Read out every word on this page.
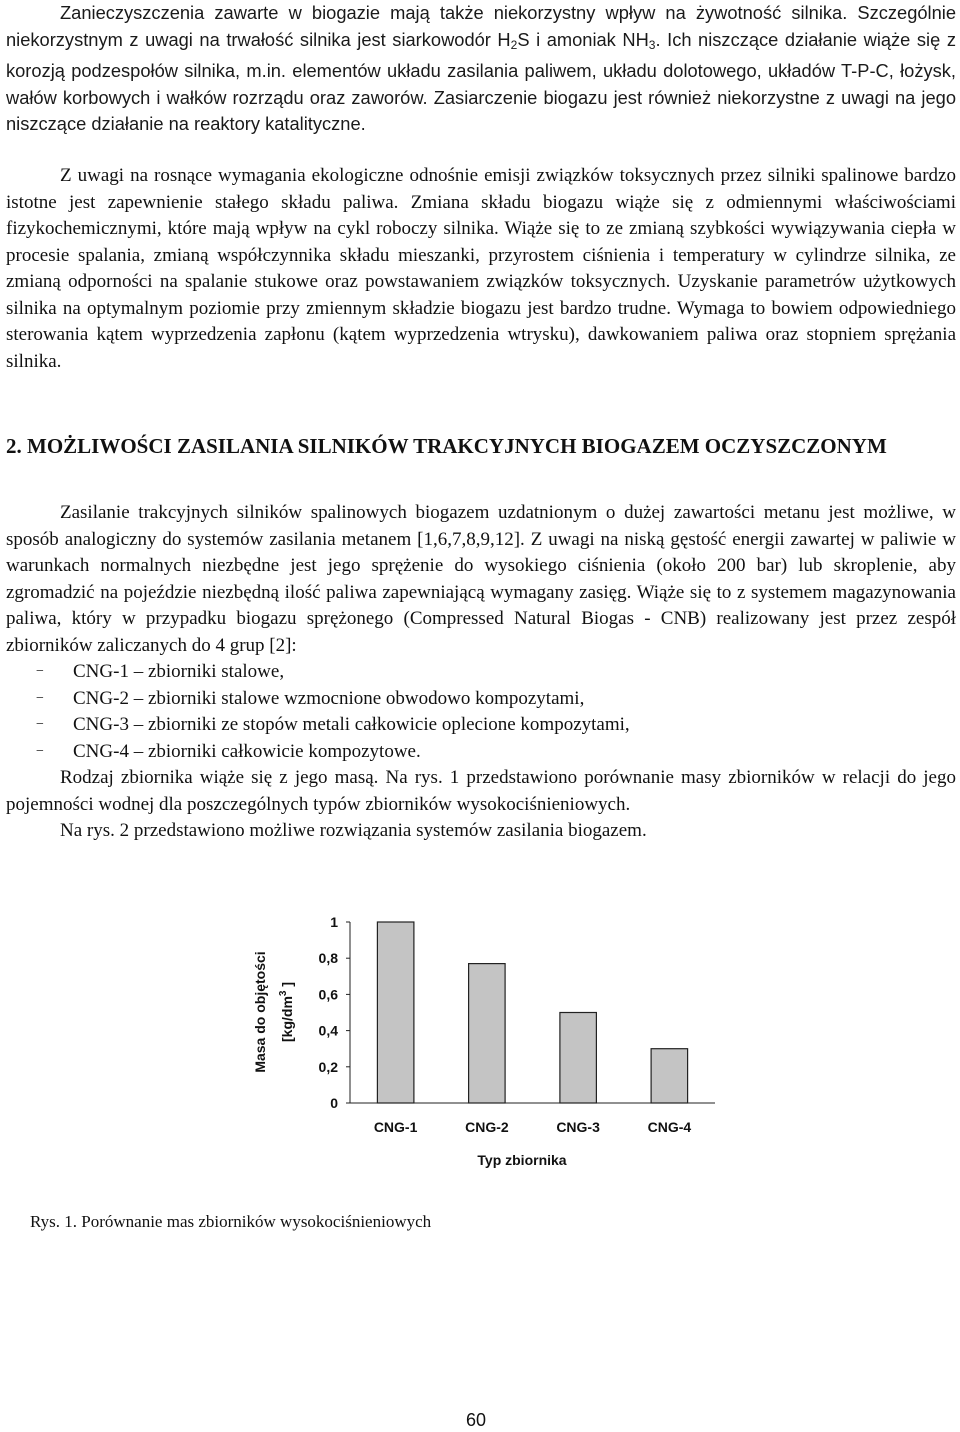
Zanieczyszczenia zawarte w biogazie mają także niekorzystny wpływ na żywotność silnika. Szczególnie niekorzystnym z uwagi na trwałość silnika jest siarkowodór $H_2S$ i amoniak $NH_3$. Ich niszczące działanie wiąże się z korozją podzespołów silnika, m.in. elementów układu zasilania paliwem, układu dolotowego, układów T-P-C, łożysk, wałów korbowych i wałków rozrządu oraz zaworów. Zasiarczenie biogazu jest również niekorzystne z uwagi na jego niszczące działanie na reaktory katalityczne.

Z uwagi na rosnące wymagania ekologiczne odnośnie emisji związków toksycznych przez silniki spalinowe bardzo istotne jest zapewnienie stałego składu paliwa. Zmiana składu biogazu wiąże się z odmiennymi właściwościami fizykochemicznymi, które mają wpływ na cykl roboczy silnika. Wiąże się to ze zmianą szybkości wywiązywania ciepła w procesie spalania, zmianą współczynnika składu mieszanki, przyrostem ciśnienia i temperatury w cylindrze silnika, ze zmianą odporności na spalanie stukowe oraz powstawaniem związków toksycznych. Uzyskanie parametrów użytkowych silnika na optymalnym poziomie przy zmiennym składzie biogazu jest bardzo trudne. Wymaga to bowiem odpowiedniego sterowania kątem wyprzedzenia zapłonu (kątem wyprzedzenia wtrysku), dawkowaniem paliwa oraz stopniem sprężania silnika.

2. MOŻLIWOŚCI ZASILANIA SILNIKÓW TRAKCYJNYCH BIOGAZEM OCZYSZCZONYM
Zasilanie trakcyjnych silników spalinowych biogazem uzdatnionym o dużej zawartości metanu jest możliwe, w sposób analogiczny do systemów zasilania metanem [1,6,7,8,9,12]. Z uwagi na niską gęstość energii zawartej w paliwie w warunkach normalnych niezbędne jest jego sprężenie do wysokiego ciśnienia (około 200 bar) lub skroplenie, aby zgromadzić na pojeździe niezbędną ilość paliwa zapewniającą wymagany zasięg. Wiąże się to z systemem magazynowania paliwa, który w przypadku biogazu sprężonego (Compressed Natural Biogas - CNB) realizowany jest przez zespół zbiorników zaliczanych do 4 grup [2]:
− CNG-1 – zbiorniki stalowe,
− CNG-2 – zbiorniki stalowe wzmocnione obwodowo kompozytami,
− CNG-3 – zbiorniki ze stopów metali całkowicie oplecione kompozytami,
− CNG-4 – zbiorniki całkowicie kompozytowe.
Rodzaj zbiornika wiąże się z jego masą. Na rys. 1 przedstawiono porównanie masy zbiorników w relacji do jego pojemności wodnej dla poszczególnych typów zbiorników wysokociśnieniowych.
Na rys. 2 przedstawiono możliwe rozwiązania systemów zasilania biogazem.
0
0,2
0,4
0,6
0,8
1
CNG-1	CNG-2	CNG-3	CNG-4
Typ zbiornika
Masa do objętości [$kg/dm^3$ ]

Rys. 1. Porównanie mas zbiorników wysokociśnieniowych

60
